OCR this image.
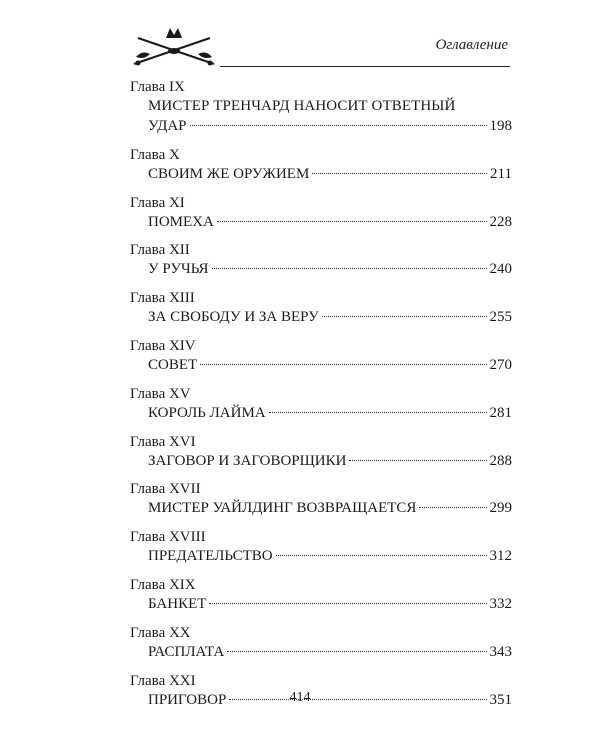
Оглавление
Глава IX
МИСТЕР ТРЕНЧАРД НАНОСИТ ОТВЕТНЫЙ
УДАР	198
Глава X
СВОИМ ЖЕ ОРУЖИЕМ	211
Глава XI
ПОМЕХА	228
Глава XII
У РУЧЬЯ	240
Глава XIII
ЗА СВОБОДУ И ЗА ВЕРУ	255
Глава XIV
СОВЕТ	270
Глава XV
КОРОЛЬ ЛАЙМА	281
Глава XVI
ЗАГОВОР И ЗАГОВОРЩИКИ	288
Глава XVII
МИСТЕР УАЙЛДИНГ ВОЗВРАЩАЕТСЯ	299
Глава XVIII
ПРЕДАТЕЛЬСТВО	312
Глава XIX
БАНКЕТ	332
Глава XX
РАСПЛАТА	343
Глава XXI
ПРИГОВОР	351
414
